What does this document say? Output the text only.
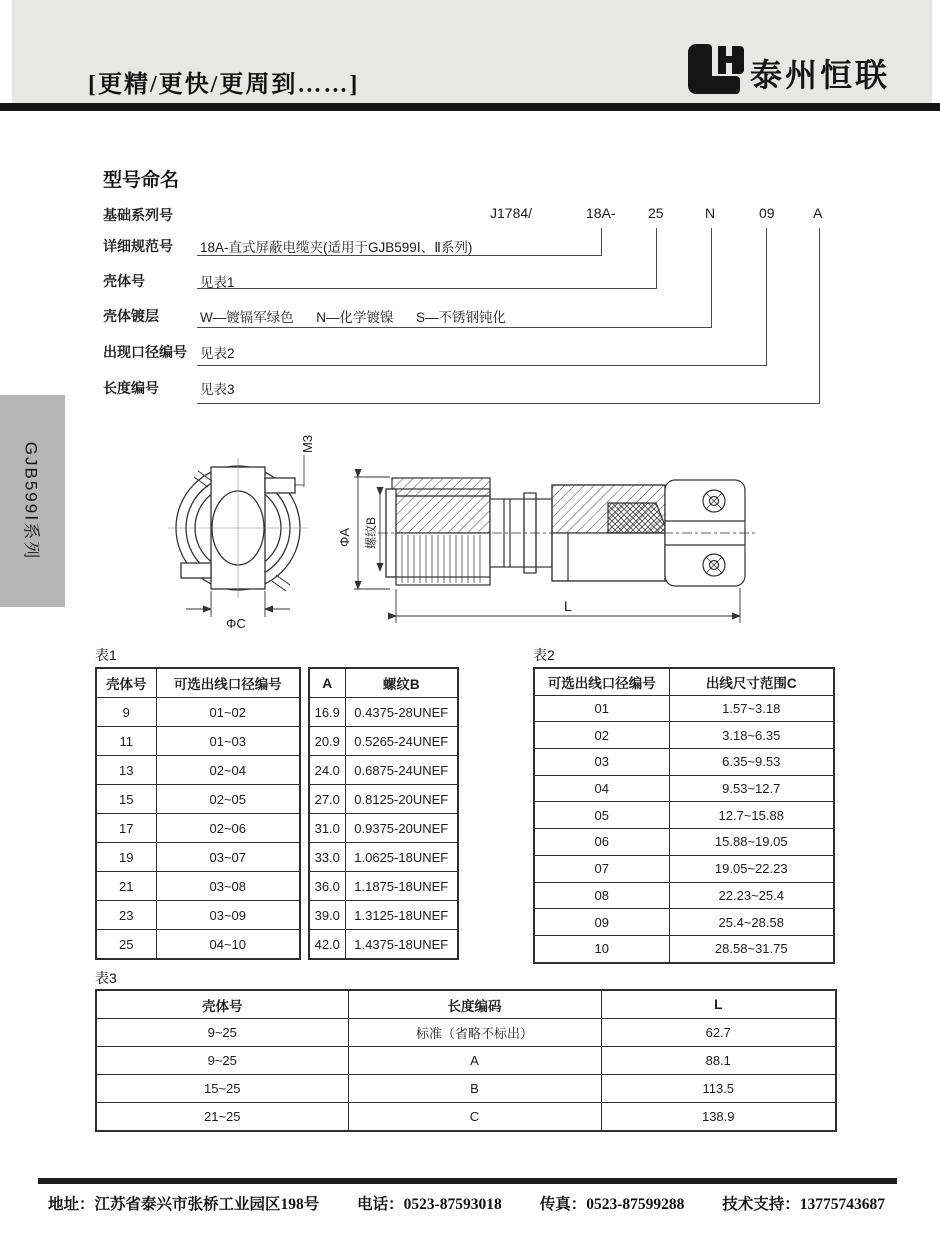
[更精/更快/更周到……]	泰州恒联
GJB599Ⅰ系列
型号命名
基础系列号
详细规范号
壳体号
壳体镀层
出现口径编号
长度编号
J1784/	18A- 25	N	09	A
18A-直式屏蔽电缆夹(适用于GJB599Ⅰ、Ⅱ系列)
见表1
W—镀镉军绿色      N—化学镀镍      S—不锈钢钝化
见表2
见表3
M3
ΦC
ΦA 螺纹B
L
表1
壳体号	可选出线口径编号
9	01~02
11	01~03
13	02~04
15	02~05
17	02~06
19	03~07
21	03~08
23	03~09
25	04~10
A	螺纹B
16.9	0.4375-28UNEF
20.9	0.5265-24UNEF
24.0	0.6875-24UNEF
27.0	0.8125-20UNEF
31.0	0.9375-20UNEF
33.0	1.0625-18UNEF
36.0	1.1875-18UNEF
39.0	1.3125-18UNEF
42.0	1.4375-18UNEF
表2
可选出线口径编号	出线尺寸范围C
01	1.57~3.18
02	3.18~6.35
03	6.35~9.53
04	9.53~12.7
05	12.7~15.88
06	15.88~19.05
07	19.05~22.23
08	22.23~25.4
09	25.4~28.58
10	28.58~31.75
表3
壳体号	长度编码	L
9~25	标准（省略不标出）	62.7
9~25	A	88.1
15~25	B	113.5
21~25	C	138.9
地址：江苏省泰兴市张桥工业园区198号 电话：0523-87593018 传真：0523-87599288 技术支持：13775743687
